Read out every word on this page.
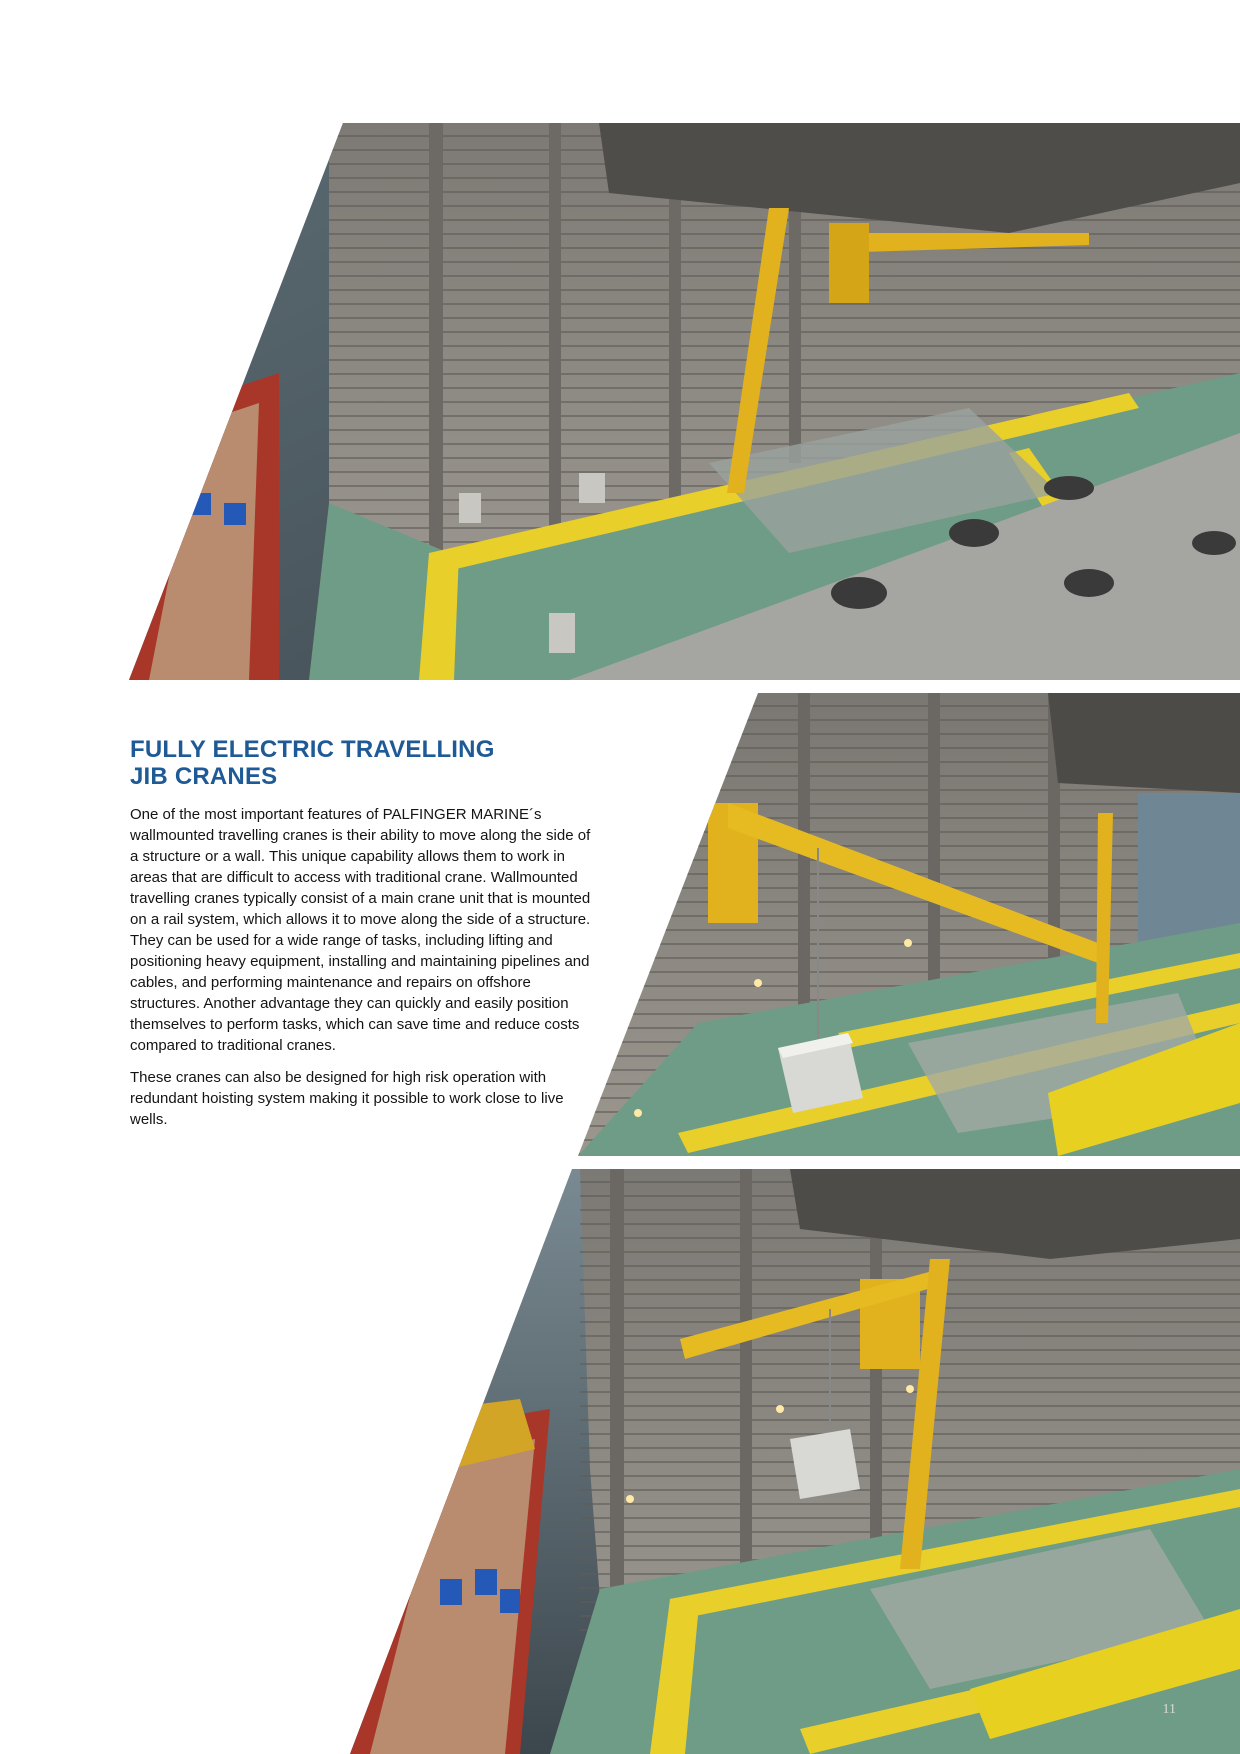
FULLY ELECTRIC TRAVELLING
JIB CRANES

One of the most important features of PALFINGER MARINE´s wallmounted travelling cranes is their ability to move along the side of a structure or a wall. This unique capability allows them to work in areas that are difficult to access with traditional crane. Wallmounted travelling cranes typically consist of a main crane unit that is mounted on a rail system, which allows it to move along the side of a structure. They can be used for a wide range of tasks, including lifting and positioning heavy equipment, installing and maintaining pipelines and cables, and performing maintenance and repairs on offshore structures. Another advantage they can quickly and easily position themselves to perform tasks, which can save time and reduce costs compared to traditional cranes.

These cranes can also be designed for high risk operation with redundant hoisting system making it possible to work close to live wells.

11
